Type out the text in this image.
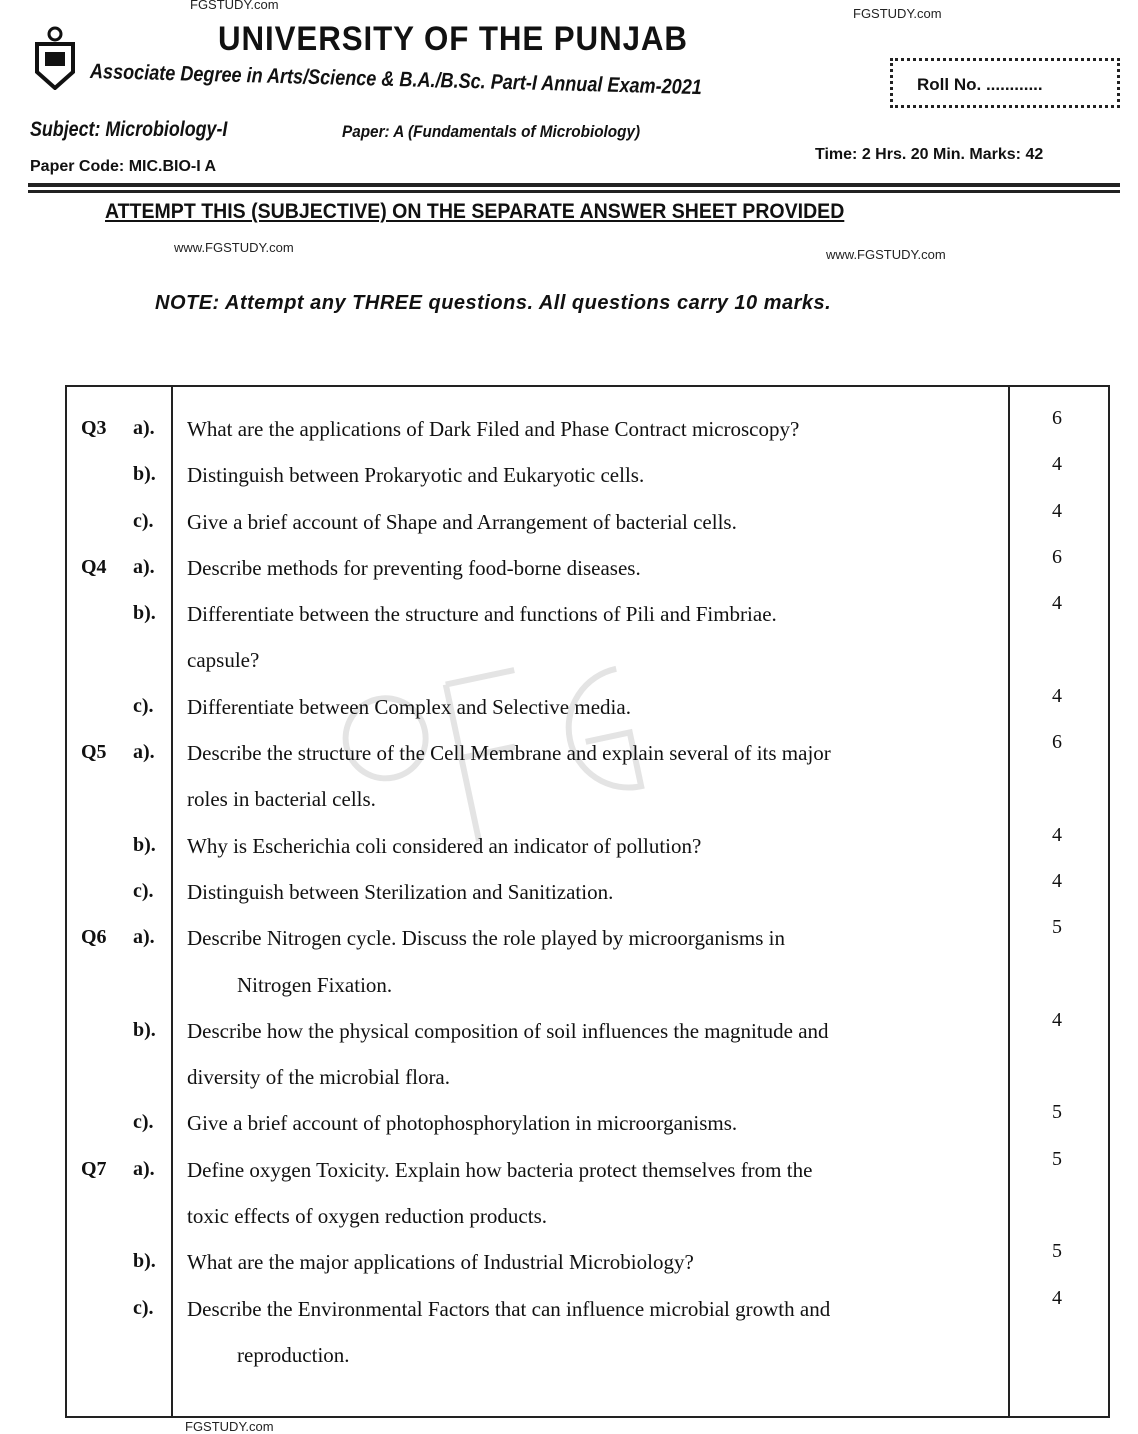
FGSTUDY.com
FGSTUDY.com
UNIVERSITY OF THE PUNJAB
Associate Degree in Arts/Science & B.A./B.Sc. Part-I Annual Exam-2021	Roll No. ............
Subject: Microbiology-I	Paper: A (Fundamentals of Microbiology)
Paper Code: MIC.BIO-I A
Time: 2 Hrs. 20 Min. Marks: 42
ATTEMPT THIS (SUBJECTIVE) ON THE SEPARATE ANSWER SHEET PROVIDED
www.FGSTUDY.com	www.FGSTUDY.com
NOTE: Attempt any THREE questions. All questions carry 10 marks.
Q3 a). What are the applications of Dark Filed and Phase Contract microscopy?	6
b). Distinguish between Prokaryotic and Eukaryotic cells.	4
c). Give a brief account of Shape and Arrangement of bacterial cells.	4
Q4 a). Describe methods for preventing food-borne diseases.	6
b). Differentiate between the structure and functions of Pili and Fimbriae.	4
capsule?
c). Differentiate between Complex and Selective media.	4
Q5 a). Describe the structure of the Cell Membrane and explain several of its major	6
roles in bacterial cells.
b). Why is Escherichia coli considered an indicator of pollution?	4
c). Distinguish between Sterilization and Sanitization.	4
Q6 a). Describe Nitrogen cycle. Discuss the role played by microorganisms in	5
Nitrogen Fixation.
b). Describe how the physical composition of soil influences the magnitude and	4
diversity of the microbial flora.
c). Give a brief account of photophosphorylation in microorganisms.	5
Q7 a). Define oxygen Toxicity. Explain how bacteria protect themselves from the	5
toxic effects of oxygen reduction products.
b). What are the major applications of Industrial Microbiology?	5
c). Describe the Environmental Factors that can influence microbial growth and	4
reproduction.
FGSTUDY.com
